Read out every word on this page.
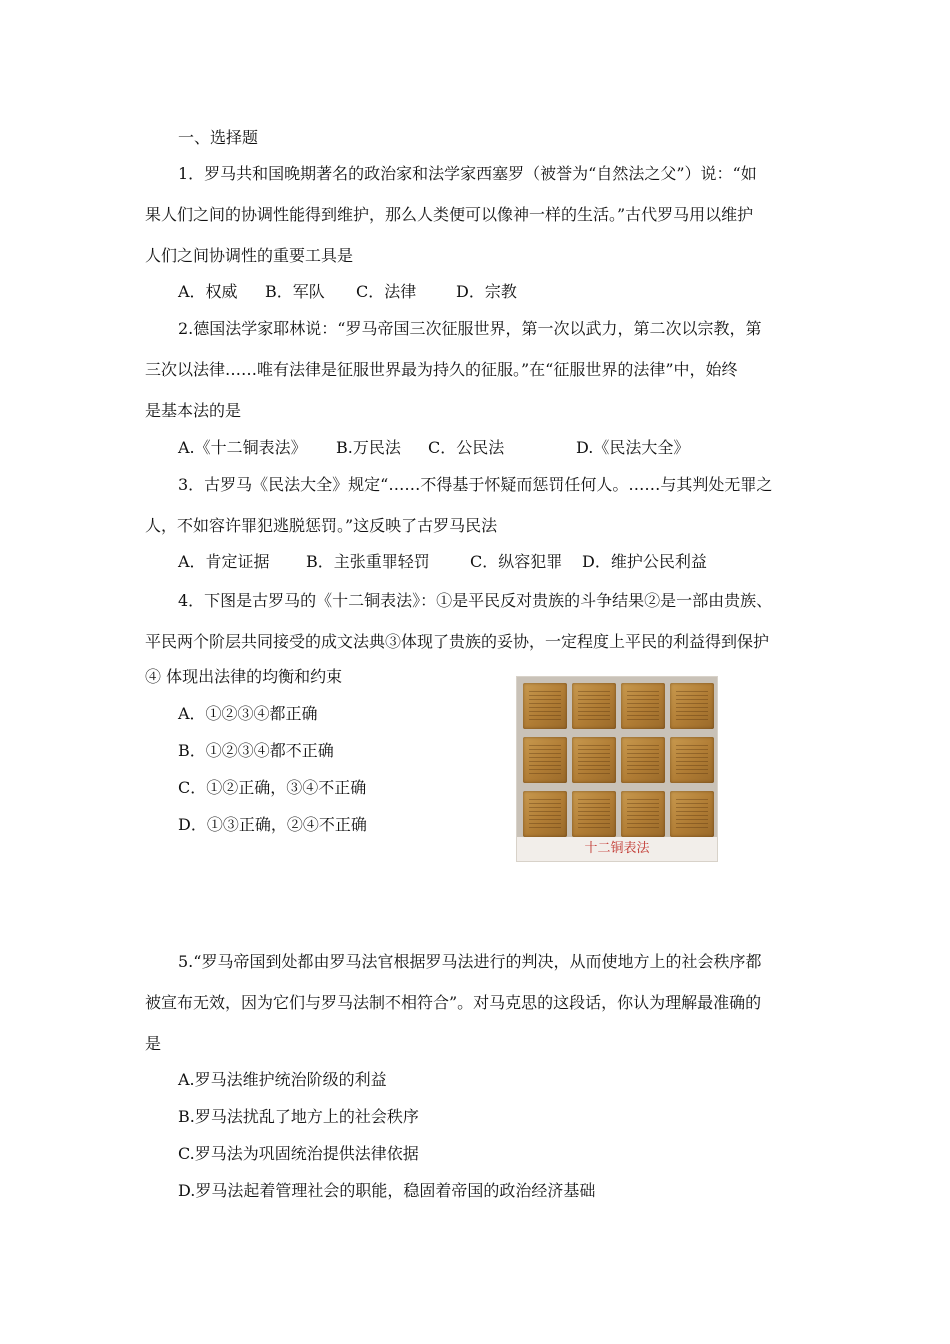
一、选择题
1．罗马共和国晚期著名的政治家和法学家西塞罗（被誉为“自然法之父”）说：“如
果人们之间的协调性能得到维护，那么人类便可以像神一样的生活。”古代罗马用以维护
人们之间协调性的重要工具是
A．权威 B．军队 C．法律 D．宗教
2.德国法学家耶林说：“罗马帝国三次征服世界，第一次以武力，第二次以宗教，第
三次以法律……唯有法律是征服世界最为持久的征服。”在“征服世界的法律”中，始终
是基本法的是
A.《十二铜表法》 B.万民法 C．公民法	D.《民法大全》
3．古罗马《民法大全》规定“……不得基于怀疑而惩罚任何人。……与其判处无罪之
人，不如容许罪犯逃脱惩罚。”这反映了古罗马民法
A．肯定证据 B．主张重罪轻罚	C．纵容犯罪 D．维护公民利益
4．下图是古罗马的《十二铜表法》：①是平民反对贵族的斗争结果②是一部由贵族、
平民两个阶层共同接受的成文法典③体现了贵族的妥协，一定程度上平民的利益得到保护
④ 体现出法律的均衡和约束
A．①②③④都正确
B．①②③④都不正确
C．①②正确，③④不正确
D．①③正确，②④不正确
十二铜表法
5.“罗马帝国到处都由罗马法官根据罗马法进行的判决，从而使地方上的社会秩序都
被宣布无效，因为它们与罗马法制不相符合”。对马克思的这段话，你认为理解最准确的
是
A.罗马法维护统治阶级的利益
B.罗马法扰乱了地方上的社会秩序
C.罗马法为巩固统治提供法律依据
D.罗马法起着管理社会的职能，稳固着帝国的政治经济基础
